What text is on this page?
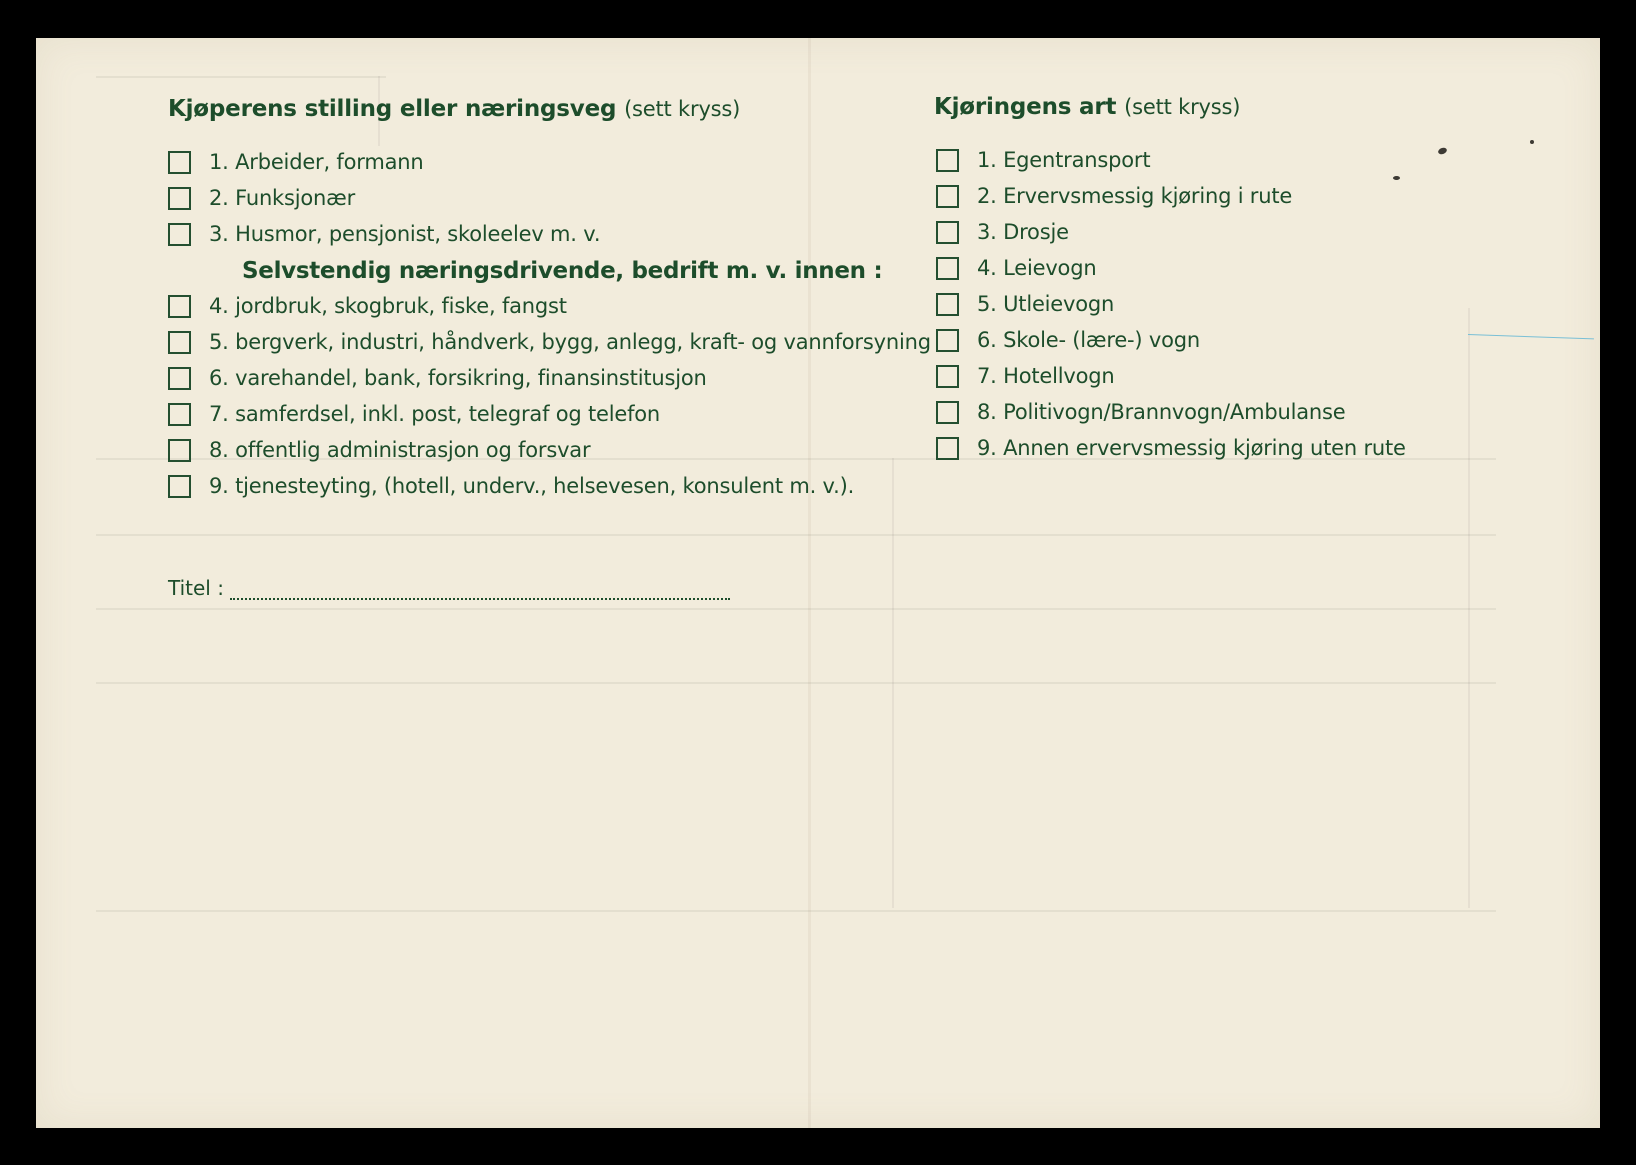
Kjøperens stilling eller næringsveg (sett kryss)
1. Arbeider, formann
2. Funksjonær
3. Husmor, pensjonist, skoleelev m. v.
Selvstendig næringsdrivende, bedrift m. v. innen :
4. jordbruk, skogbruk, fiske, fangst
5. bergverk, industri, håndverk, bygg, anlegg, kraft- og vannforsyning
6. varehandel, bank, forsikring, finansinstitusjon
7. samferdsel, inkl. post, telegraf og telefon
8. offentlig administrasjon og forsvar
9. tjenesteyting, (hotell, underv., helsevesen, konsulent m. v.).
Titel :
Kjøringens art (sett kryss)
1. Egentransport
2. Ervervsmessig kjøring i rute
3. Drosje
4. Leievogn
5. Utleievogn
6. Skole- (lære-) vogn
7. Hotellvogn
8. Politivogn/Brannvogn/Ambulanse
9. Annen ervervsmessig kjøring uten rute
